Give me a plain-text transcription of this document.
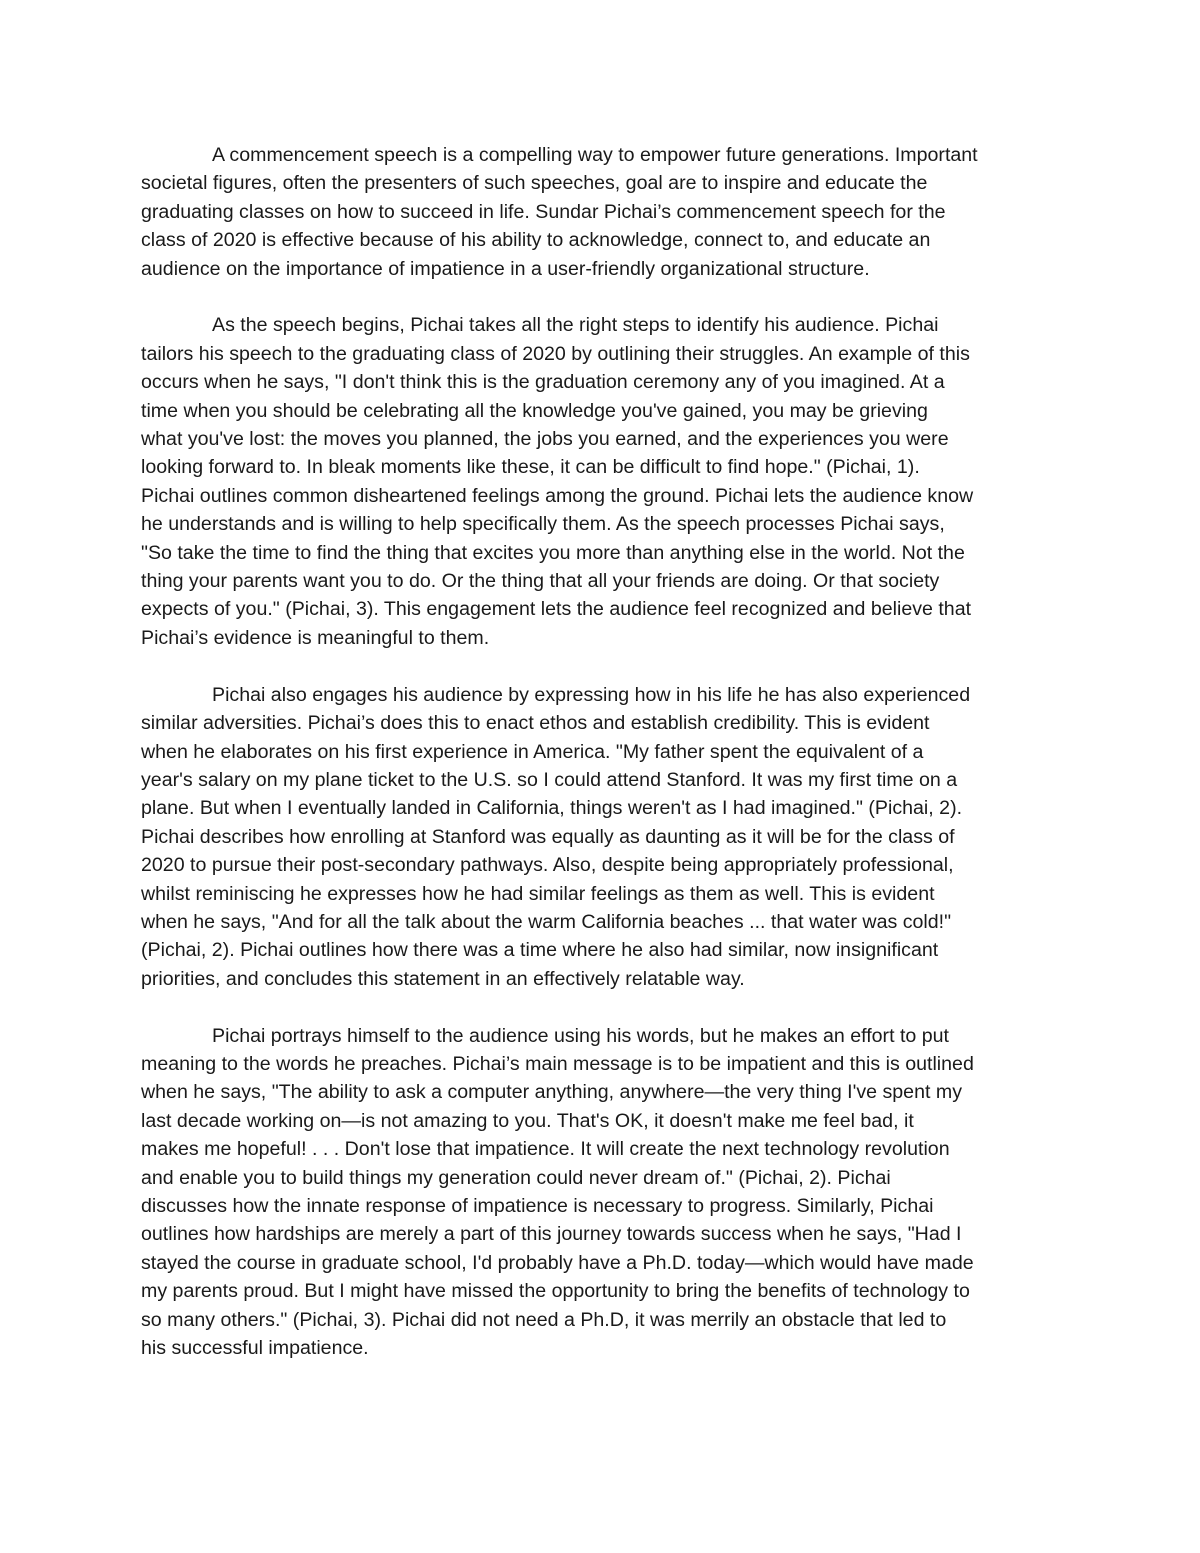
A commencement speech is a compelling way to empower future generations. Important
societal figures, often the presenters of such speeches, goal are to inspire and educate the
graduating classes on how to succeed in life. Sundar Pichai’s commencement speech for the
class of 2020 is effective because of his ability to acknowledge, connect to, and educate an
audience on the importance of impatience in a user-friendly organizational structure.

As the speech begins, Pichai takes all the right steps to identify his audience. Pichai
tailors his speech to the graduating class of 2020 by outlining their struggles. An example of this
occurs when he says, "I don't think this is the graduation ceremony any of you imagined. At a
time when you should be celebrating all the knowledge you've gained, you may be grieving
what you've lost: the moves you planned, the jobs you earned, and the experiences you were
looking forward to. In bleak moments like these, it can be difficult to find hope." (Pichai, 1).
Pichai outlines common disheartened feelings among the ground. Pichai lets the audience know
he understands and is willing to help specifically them. As the speech processes Pichai says,
"So take the time to find the thing that excites you more than anything else in the world. Not the
thing your parents want you to do. Or the thing that all your friends are doing. Or that society
expects of you." (Pichai, 3). This engagement lets the audience feel recognized and believe that
Pichai’s evidence is meaningful to them.

Pichai also engages his audience by expressing how in his life he has also experienced
similar adversities. Pichai’s does this to enact ethos and establish credibility. This is evident
when he elaborates on his first experience in America. "My father spent the equivalent of a
year's salary on my plane ticket to the U.S. so I could attend Stanford. It was my first time on a
plane. But when I eventually landed in California, things weren't as I had imagined." (Pichai, 2).
Pichai describes how enrolling at Stanford was equally as daunting as it will be for the class of
2020 to pursue their post-secondary pathways. Also, despite being appropriately professional,
whilst reminiscing he expresses how he had similar feelings as them as well. This is evident
when he says, "And for all the talk about the warm California beaches ... that water was cold!"
(Pichai, 2). Pichai outlines how there was a time where he also had similar, now insignificant
priorities, and concludes this statement in an effectively relatable way.

Pichai portrays himself to the audience using his words, but he makes an effort to put
meaning to the words he preaches. Pichai’s main message is to be impatient and this is outlined
when he says, "The ability to ask a computer anything, anywhere—the very thing I've spent my
last decade working on—is not amazing to you. That's OK, it doesn't make me feel bad, it
makes me hopeful! . . . Don't lose that impatience. It will create the next technology revolution
and enable you to build things my generation could never dream of." (Pichai, 2). Pichai
discusses how the innate response of impatience is necessary to progress. Similarly, Pichai
outlines how hardships are merely a part of this journey towards success when he says, "Had I
stayed the course in graduate school, I'd probably have a Ph.D. today—which would have made
my parents proud. But I might have missed the opportunity to bring the benefits of technology to
so many others." (Pichai, 3). Pichai did not need a Ph.D, it was merrily an obstacle that led to
his successful impatience.
